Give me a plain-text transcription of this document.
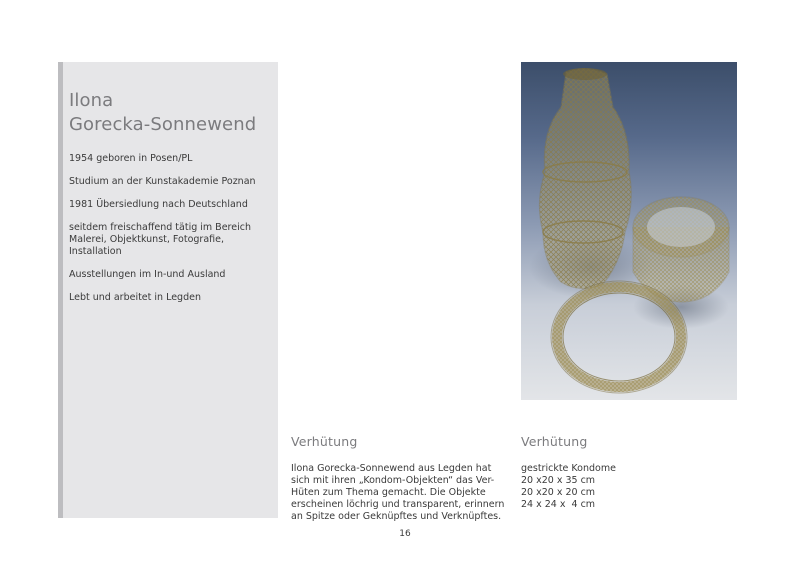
Ilona
Gorecka-Sonnewend
1954 geboren in Posen/PL
Studium an der Kunstakademie Poznan
1981 Übersiedlung nach Deutschland
seitdem freischaffend tätig im Bereich Malerei, Objektkunst, Fotografie, Installation
Ausstellungen im In-und Ausland
Lebt und arbeitet in Legden
Verhütung

Ilona Gorecka-Sonnewend aus Legden hat sich mit ihren „Kondom-Objekten“ das Ver-Hüten zum Thema gemacht. Die Objekte erscheinen löchrig und transparent, erinnern an Spitze oder Geknüpftes und Verknüpftes.

Verhütung
gestrickte Kondome
20 x20 x 35 cm
20 x20 x 20 cm
24 x 24 x  4 cm
16
